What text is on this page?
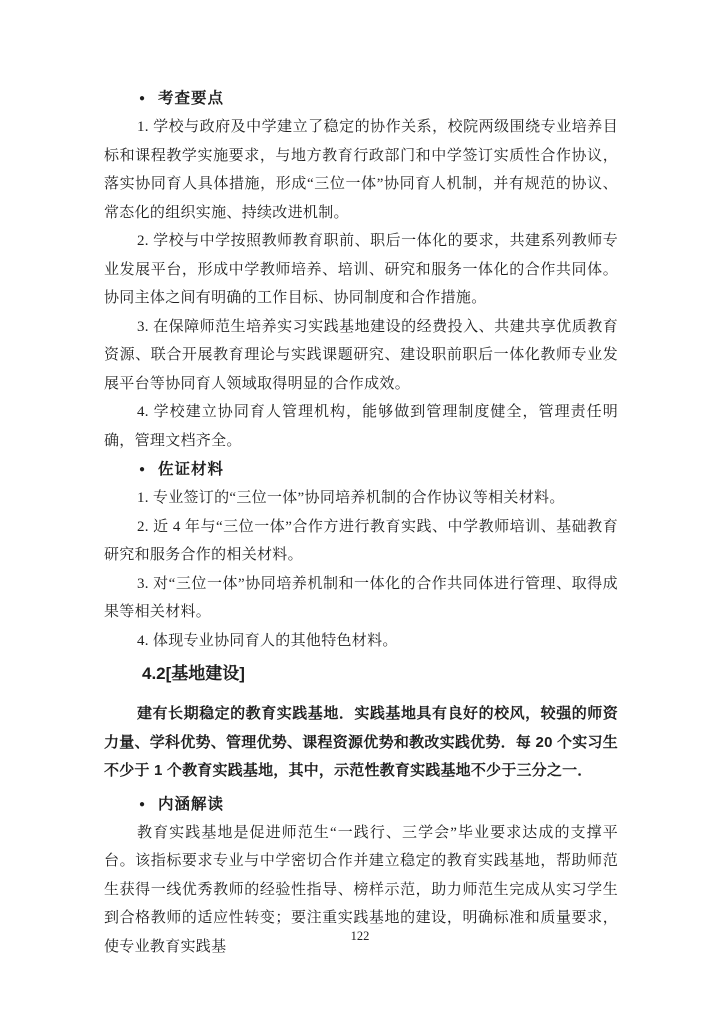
● 考查要点

1. 学校与政府及中学建立了稳定的协作关系，校院两级围绕专业培养目标和课程教学实施要求，与地方教育行政部门和中学签订实质性合作协议，落实协同育人具体措施，形成“三位一体”协同育人机制，并有规范的协议、常态化的组织实施、持续改进机制。

2. 学校与中学按照教师教育职前、职后一体化的要求，共建系列教师专业发展平台，形成中学教师培养、培训、研究和服务一体化的合作共同体。协同主体之间有明确的工作目标、协同制度和合作措施。

3. 在保障师范生培养实习实践基地建设的经费投入、共建共享优质教育资源、联合开展教育理论与实践课题研究、建设职前职后一体化教师专业发展平台等协同育人领域取得明显的合作成效。

4. 学校建立协同育人管理机构，能够做到管理制度健全，管理责任明确，管理文档齐全。

● 佐证材料

1. 专业签订的“三位一体”协同培养机制的合作协议等相关材料。

2. 近 4 年与“三位一体”合作方进行教育实践、中学教师培训、基础教育研究和服务合作的相关材料。

3. 对“三位一体”协同培养机制和一体化的合作共同体进行管理、取得成果等相关材料。

4. 体现专业协同育人的其他特色材料。

4.2[基地建设]

建有长期稳定的教育实践基地．实践基地具有良好的校风，较强的师资力量、学科优势、管理优势、课程资源优势和教改实践优势．每 20 个实习生不少于 1 个教育实践基地，其中，示范性教育实践基地不少于三分之一．

● 内涵解读

教育实践基地是促进师范生“一践行、三学会”毕业要求达成的支撑平台。该指标要求专业与中学密切合作并建立稳定的教育实践基地，帮助师范生获得一线优秀教师的经验性指导、榜样示范，助力师范生完成从实习学生到合格教师的适应性转变；要注重实践基地的建设，明确标准和质量要求，使专业教育实践基

122
